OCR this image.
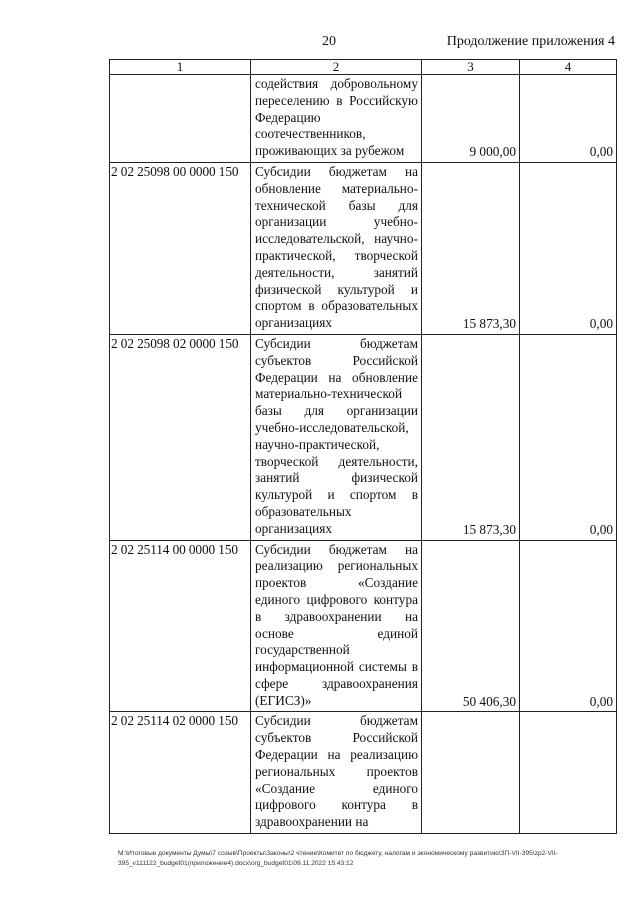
20	Продолжение приложения 4
1	2	3	4
	содействия добровольному переселению в Российскую Федерацию соотечественников, проживающих за рубежом	9 000,00	0,00
2 02 25098 00 0000 150	Субсидии бюджетам на обновление материально-технической базы для организации учебно-исследовательской, научно-практической, творческой деятельности, занятий физической культурой и спортом в образовательных организациях	15 873,30	0,00
2 02 25098 02 0000 150	Субсидии бюджетам субъектов Российской Федерации на обновление материально-технической базы для организации учебно-исследовательской, научно-практической, творческой деятельности, занятий физической культурой и спортом в образовательных организациях	15 873,30	0,00
2 02 25114 00 0000 150	Субсидии бюджетам на реализацию региональных проектов «Создание единого цифрового контура в здравоохранении на основе единой государственной информационной системы в сфере здравоохранения (ЕГИСЗ)»	50 406,30	0,00
2 02 25114 02 0000 150	Субсидии бюджетам субъектов Российской Федерации на реализацию региональных проектов «Создание единого цифрового контура в здравоохранении на		
M:\Итоговые документы Думы\7 созыв\Проекты\Законы\2 чтение\Комитет по бюджету, налогам и экономическому развитию\ЗП-VII-395\zp2-VII-395_v111122_budget01(приложение4).docx\org_budget01\09.11.2022 15:43:12
